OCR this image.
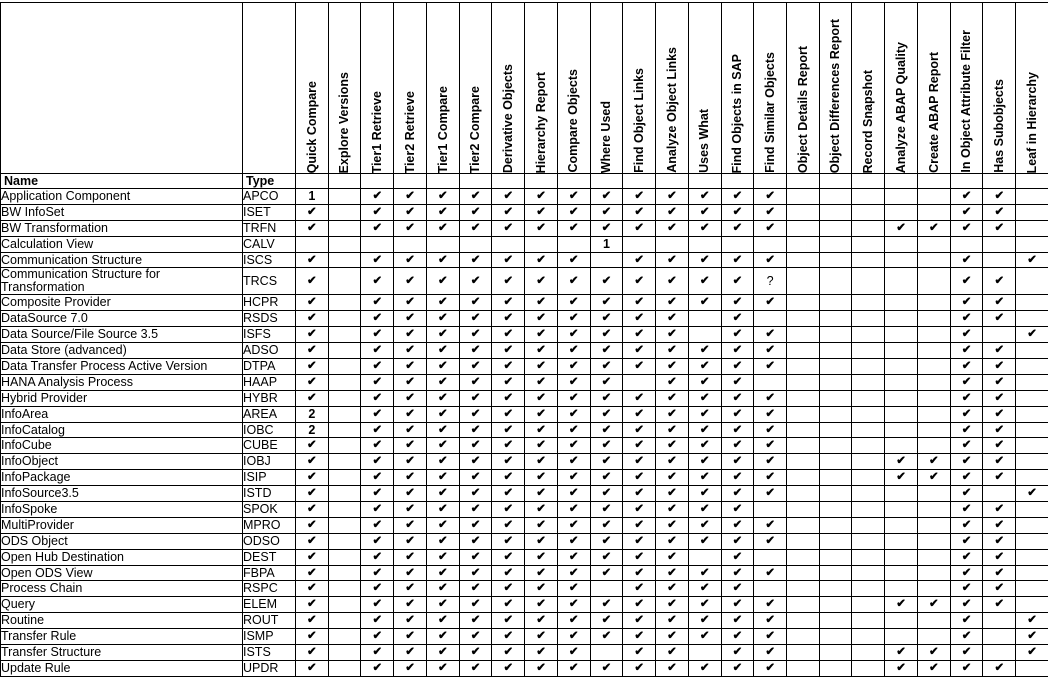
		Quick Compare	Explore Versions	Tier1 Retrieve	Tier2 Retrieve	Tier1 Compare	Tier2 Compare	Derivative Objects	Hierarchy Report	Compare Objects	Where Used	Find Object Links	Analyze Object Links	Uses What	Find Objects in SAP	Find Similar Objects	Object Details Report	Object Differences Report	Record Snapshot	Analyze ABAP Quality	Create ABAP Report	In Object Attribute Filter	Has Subobjects	Leaf in Hierarchy

Name	Type																							
Application Component	APCO	1		✔	✔	✔	✔	✔	✔	✔	✔	✔	✔	✔	✔	✔						✔	✔	
BW InfoSet	ISET	✔		✔	✔	✔	✔	✔	✔	✔	✔	✔	✔	✔	✔	✔						✔	✔	
BW Transformation	TRFN	✔		✔	✔	✔	✔	✔	✔	✔	✔	✔	✔	✔	✔	✔				✔	✔	✔	✔	
Calculation View	CALV										1													
Communication Structure	ISCS	✔		✔	✔	✔	✔	✔	✔	✔		✔	✔	✔	✔	✔						✔		✔
Communication Structure for Transformation	TRCS	✔		✔	✔	✔	✔	✔	✔	✔	✔	✔	✔	✔	✔	?						✔	✔	
Composite Provider	HCPR	✔		✔	✔	✔	✔	✔	✔	✔	✔	✔	✔	✔	✔	✔						✔	✔	
DataSource 7.0	RSDS	✔		✔	✔	✔	✔	✔	✔	✔	✔	✔	✔		✔							✔	✔	
Data Source/File Source 3.5	ISFS	✔		✔	✔	✔	✔	✔	✔	✔	✔	✔	✔		✔	✔						✔		✔
Data Store (advanced)	ADSO	✔		✔	✔	✔	✔	✔	✔	✔	✔	✔	✔	✔	✔	✔						✔	✔	
Data Transfer Process Active Version	DTPA	✔		✔	✔	✔	✔	✔	✔	✔	✔	✔	✔	✔	✔	✔						✔	✔	
HANA Analysis Process	HAAP	✔		✔	✔	✔	✔	✔	✔	✔	✔		✔	✔	✔							✔	✔	
Hybrid Provider	HYBR	✔		✔	✔	✔	✔	✔	✔	✔	✔	✔	✔	✔	✔	✔						✔	✔	
InfoArea	AREA	2		✔	✔	✔	✔	✔	✔	✔	✔	✔	✔	✔	✔	✔						✔	✔	
InfoCatalog	IOBC	2		✔	✔	✔	✔	✔	✔	✔	✔	✔	✔	✔	✔	✔						✔	✔	
InfoCube	CUBE	✔		✔	✔	✔	✔	✔	✔	✔	✔	✔	✔	✔	✔	✔						✔	✔	
InfoObject	IOBJ	✔		✔	✔	✔	✔	✔	✔	✔	✔	✔	✔	✔	✔	✔				✔	✔	✔	✔	
InfoPackage	ISIP	✔		✔	✔	✔	✔	✔	✔	✔	✔	✔	✔	✔	✔	✔				✔	✔	✔	✔	
InfoSource3.5	ISTD	✔		✔	✔	✔	✔	✔	✔	✔	✔	✔	✔	✔	✔	✔						✔		✔
InfoSpoke	SPOK	✔		✔	✔	✔	✔	✔	✔	✔	✔	✔	✔	✔	✔							✔	✔	
MultiProvider	MPRO	✔		✔	✔	✔	✔	✔	✔	✔	✔	✔	✔	✔	✔	✔						✔	✔	
ODS Object	ODSO	✔		✔	✔	✔	✔	✔	✔	✔	✔	✔	✔	✔	✔	✔						✔	✔	
Open Hub Destination	DEST	✔		✔	✔	✔	✔	✔	✔	✔	✔	✔	✔		✔							✔	✔	
Open ODS View	FBPA	✔		✔	✔	✔	✔	✔	✔	✔	✔	✔	✔	✔	✔	✔						✔	✔	
Process Chain	RSPC	✔		✔	✔	✔	✔	✔	✔	✔		✔	✔	✔	✔							✔	✔	
Query	ELEM	✔		✔	✔	✔	✔	✔	✔	✔	✔	✔	✔	✔	✔	✔				✔	✔	✔	✔	
Routine	ROUT	✔		✔	✔	✔	✔	✔	✔	✔	✔	✔	✔	✔	✔	✔						✔		✔
Transfer Rule	ISMP	✔		✔	✔	✔	✔	✔	✔	✔	✔	✔	✔	✔	✔	✔						✔		✔
Transfer Structure	ISTS	✔		✔	✔	✔	✔	✔	✔	✔		✔	✔		✔	✔				✔	✔	✔		✔
Update Rule	UPDR	✔		✔	✔	✔	✔	✔	✔	✔	✔	✔	✔	✔	✔	✔				✔	✔	✔	✔	
